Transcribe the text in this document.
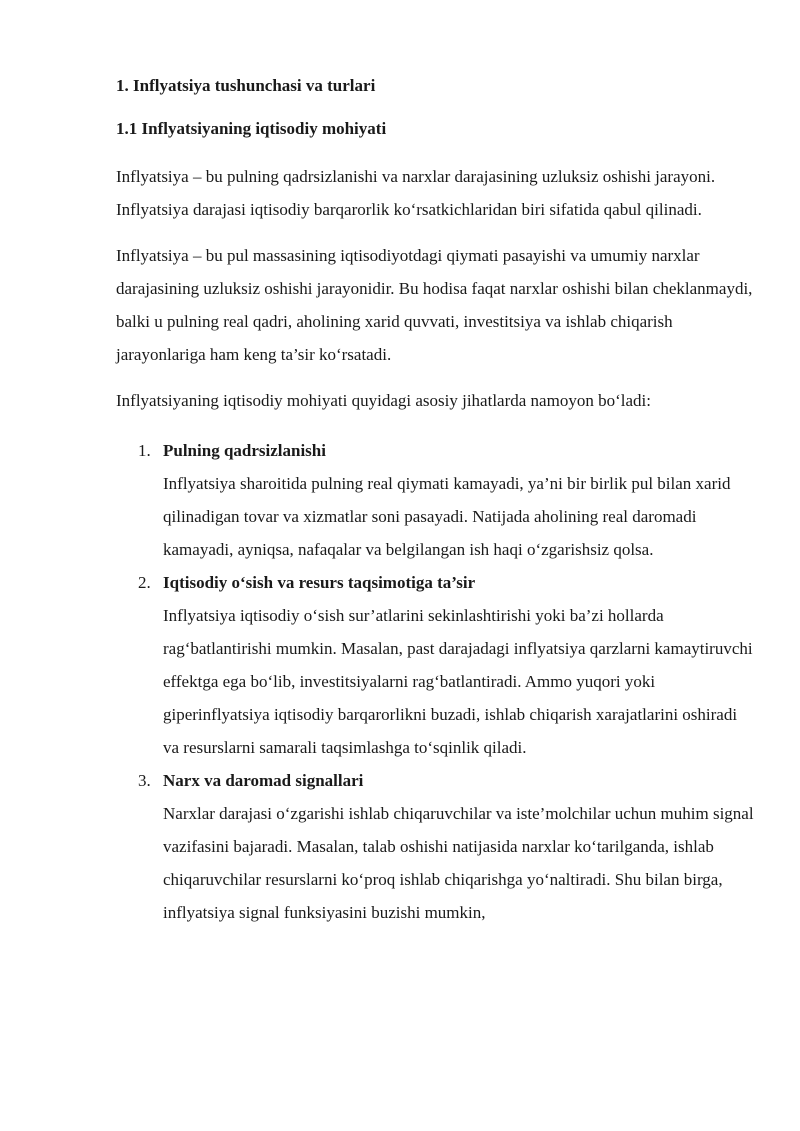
1. Inflyatsiya tushunchasi va turlari
1.1 Inflyatsiyaning iqtisodiy mohiyati

Inflyatsiya – bu pulning qadrsizlanishi va narxlar darajasining uzluksiz oshishi jarayoni. Inflyatsiya darajasi iqtisodiy barqarorlik ko‘rsatkichlaridan biri sifatida qabul qilinadi.

Inflyatsiya – bu pul massasining iqtisodiyotdagi qiymati pasayishi va umumiy narxlar darajasining uzluksiz oshishi jarayonidir. Bu hodisa faqat narxlar oshishi bilan cheklanmaydi, balki u pulning real qadri, aholining xarid quvvati, investitsiya va ishlab chiqarish jarayonlariga ham keng ta’sir ko‘rsatadi.

Inflyatsiyaning iqtisodiy mohiyati quyidagi asosiy jihatlarda namoyon bo‘ladi:

1. Pulning qadrsizlanishi
Inflyatsiya sharoitida pulning real qiymati kamayadi, ya’ni bir birlik pul bilan xarid qilinadigan tovar va xizmatlar soni pasayadi. Natijada aholining real daromadi kamayadi, ayniqsa, nafaqalar va belgilangan ish haqi o‘zgarishsiz qolsa.
2. Iqtisodiy o‘sish va resurs taqsimotiga ta’sir
Inflyatsiya iqtisodiy o‘sish sur’atlarini sekinlashtirishi yoki ba’zi hollarda rag‘batlantirishi mumkin. Masalan, past darajadagi inflyatsiya qarzlarni kamaytiruvchi effektga ega bo‘lib, investitsiyalarni rag‘batlantiradi. Ammo yuqori yoki giperinflyatsiya iqtisodiy barqarorlikni buzadi, ishlab chiqarish xarajatlarini oshiradi va resurslarni samarali taqsimlashga to‘sqinlik qiladi.
3. Narx va daromad signallari
Narxlar darajasi o‘zgarishi ishlab chiqaruvchilar va iste’molchilar uchun muhim signal vazifasini bajaradi. Masalan, talab oshishi natijasida narxlar ko‘tarilganda, ishlab chiqaruvchilar resurslarni ko‘proq ishlab chiqarishga yo‘naltiradi. Shu bilan birga, inflyatsiya signal funksiyasini buzishi mumkin,
